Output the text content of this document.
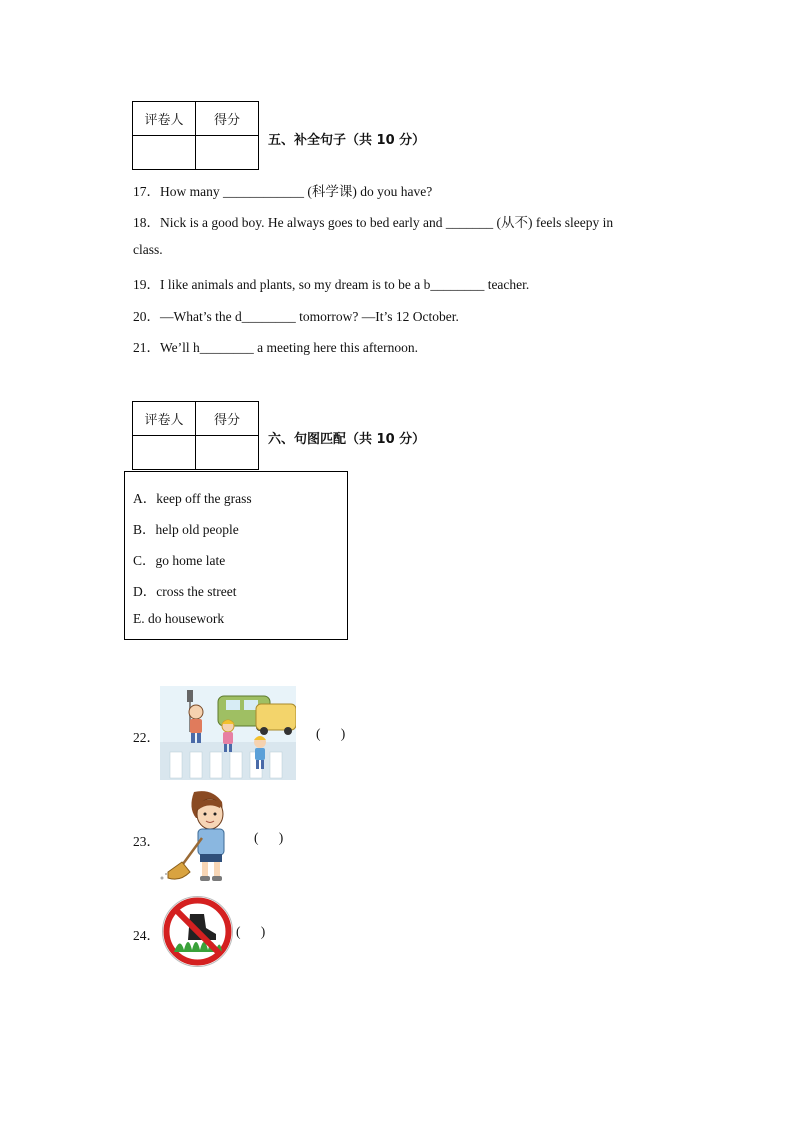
评卷人	得分

五、补全句子（共 10 分）
17．How many ____________ (科学课) do you have?
18．Nick is a good boy. He always goes to bed early and _______ (从不) feels sleepy in
class.
19．I like animals and plants, so my dream is to be a b________ teacher.
20．—What’s the d________ tomorrow? —It’s 12 October.
21．We’ll h________ a meeting here this afternoon.
评卷人	得分

六、句图匹配（共 10 分）
A．keep off the grass
B．help old people
C．go home late
D．cross the street
E. do housework
22．	(      )
23．	(      )
24．	(      )
